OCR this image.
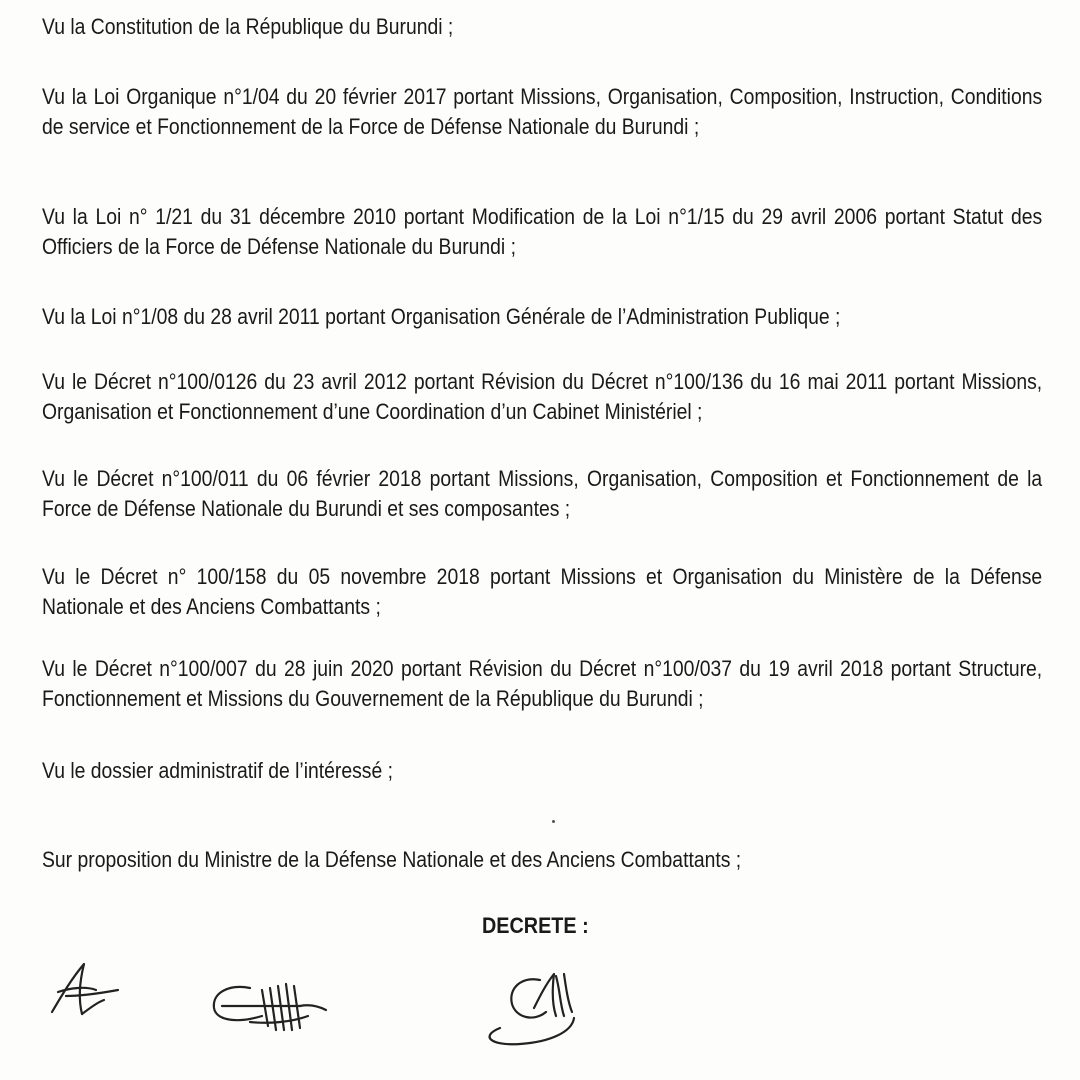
Vu la Constitution de la République du Burundi ;

Vu la Loi Organique n°1/04 du 20 février 2017 portant Missions, Organisation, Composition, Instruction, Conditions de service et Fonctionnement de la Force de Défense Nationale du Burundi ;

Vu la Loi n° 1/21 du 31 décembre 2010 portant Modification de la Loi n°1/15 du 29 avril 2006 portant Statut des Officiers de la Force de Défense Nationale du Burundi ;

Vu la Loi n°1/08 du 28 avril 2011 portant Organisation Générale de l’Administration Publique ;

Vu le Décret n°100/0126 du 23 avril 2012 portant Révision du Décret n°100/136 du 16 mai 2011 portant Missions, Organisation et Fonctionnement d’une Coordination d’un Cabinet Ministériel ;

Vu le Décret n°100/011 du 06 février 2018 portant Missions, Organisation, Composition et Fonctionnement de la Force de Défense Nationale du Burundi et ses composantes ;

Vu le Décret n° 100/158 du 05 novembre 2018 portant Missions et Organisation du Ministère de la Défense Nationale et des Anciens Combattants ;

Vu le Décret n°100/007 du 28 juin 2020 portant Révision du Décret n°100/037 du 19 avril 2018 portant Structure, Fonctionnement et Missions du Gouvernement de la République du Burundi ;

Vu le dossier administratif de l’intéressé ;

Sur proposition du Ministre de la Défense Nationale et des Anciens Combattants ;

DECRETE :
